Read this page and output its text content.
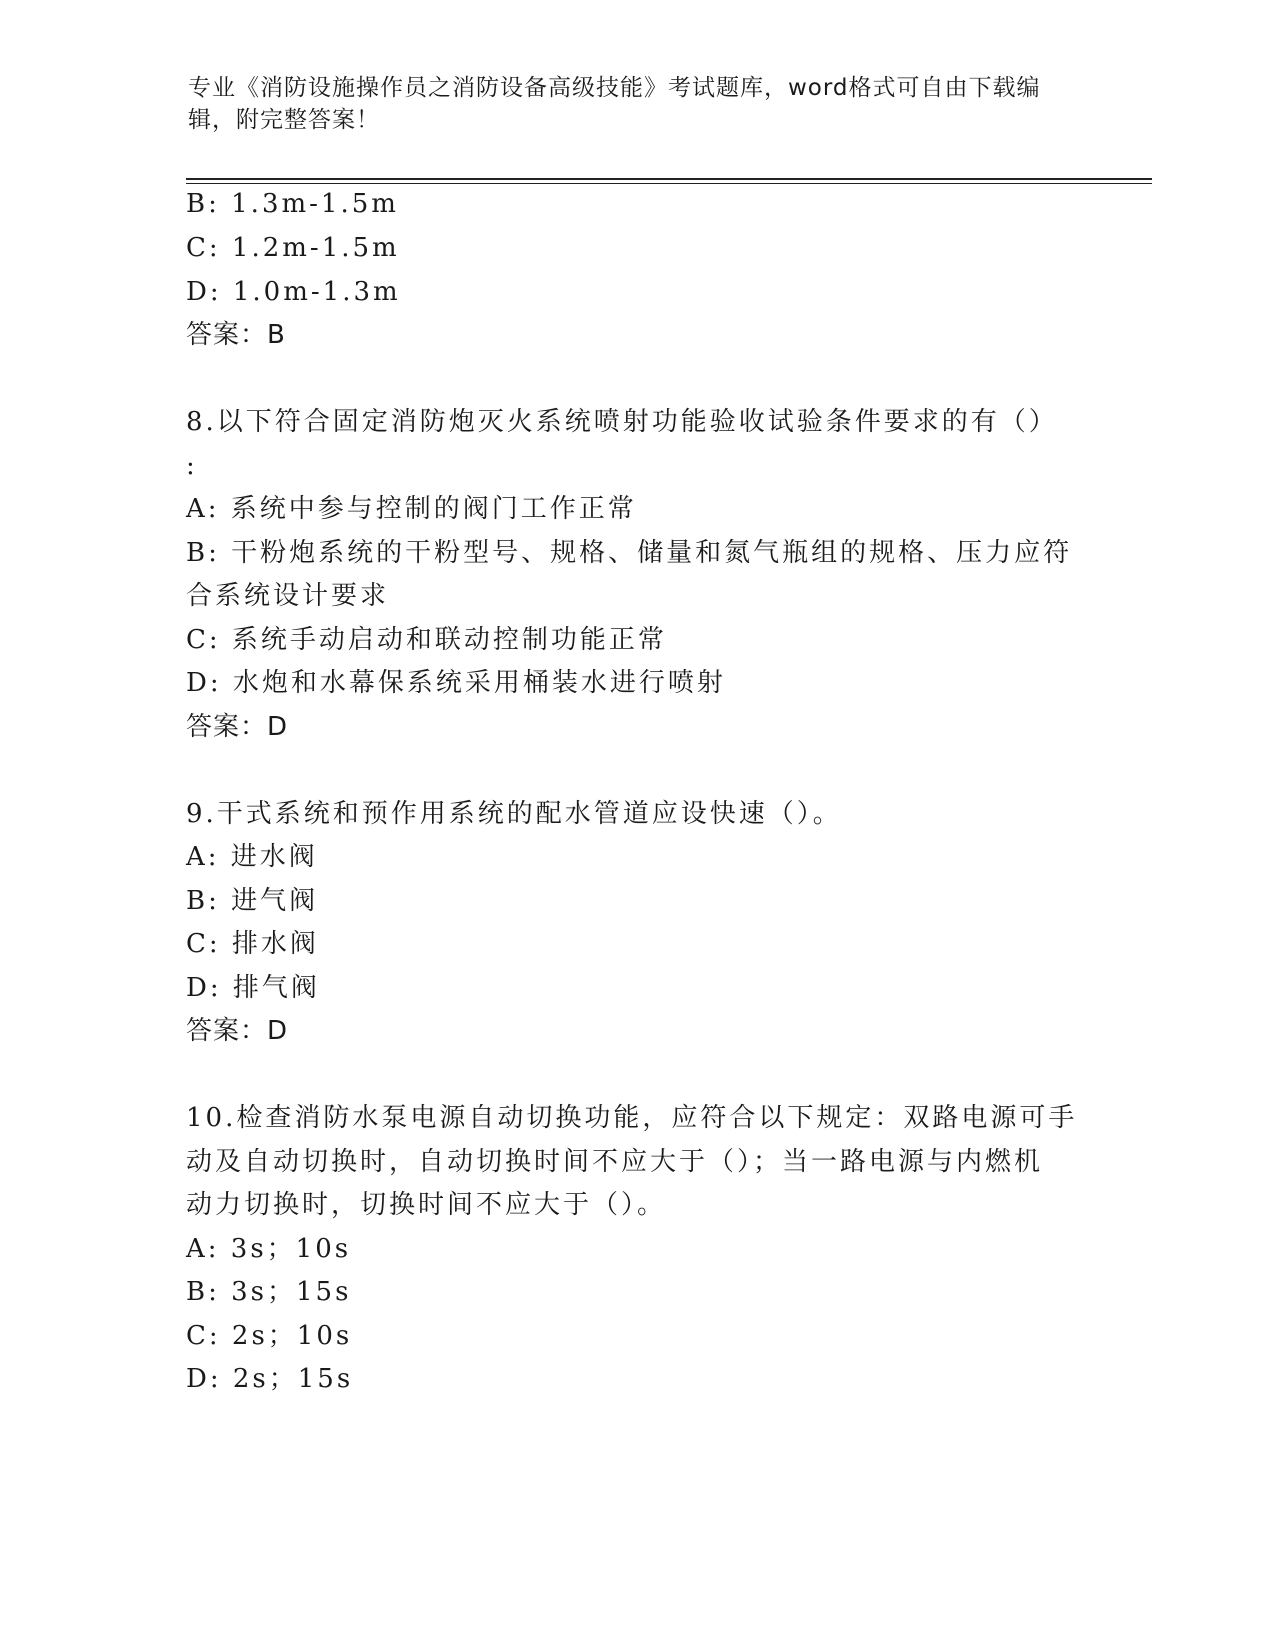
专业《消防设施操作员之消防设备高级技能》考试题库，word格式可自由下载编
辑，附完整答案！
B: 1.3m-1.5m
C: 1.2m-1.5m
D: 1.0m-1.3m
答案：B
8.以下符合固定消防炮灭火系统喷射功能验收试验条件要求的有（）
:
A: 系统中参与控制的阀门工作正常
B: 干粉炮系统的干粉型号、规格、储量和氮气瓶组的规格、压力应符
合系统设计要求
C: 系统手动启动和联动控制功能正常
D: 水炮和水幕保系统采用桶装水进行喷射
答案：D
9.干式系统和预作用系统的配水管道应设快速（）。
A: 进水阀
B: 进气阀
C: 排水阀
D: 排气阀
答案：D
10.检查消防水泵电源自动切换功能，应符合以下规定：双路电源可手
动及自动切换时，自动切换时间不应大于（）；当一路电源与内燃机
动力切换时，切换时间不应大于（）。
A: 3s；10s
B: 3s；15s
C: 2s；10s
D: 2s；15s
